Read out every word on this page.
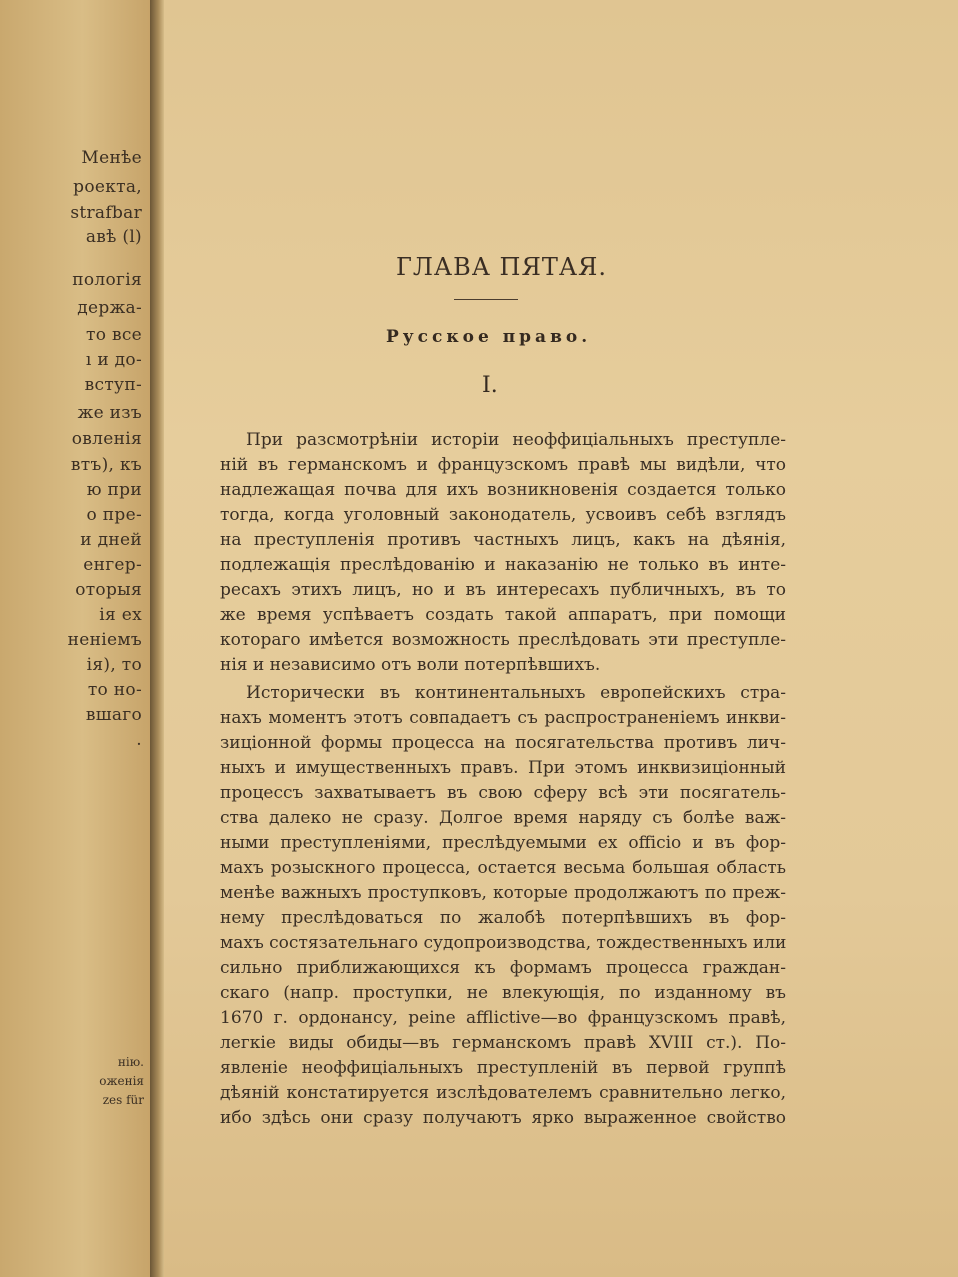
Менѣе
роекта,
strafbar
авѣ (l)
пологія
держа-
то все
ı и до-
вступ-
же изъ
овленія
втъ), къ
ю при
о пре-
и дней
енгер-
оторыя
ія ex
ненiемъ
ія), то
то но-
вшаго
.
нію.
оженія
zes für
ГЛАВА ПЯТАЯ.
Русское право.
I.
При разсмотрѣніи исторіи неоффиціальныхъ преступле-
ній въ германскомъ и французскомъ правѣ мы видѣли, что
надлежащая почва для ихъ возникновенія создается только
тогда, когда уголовный законодатель, усвоивъ себѣ взглядъ
на преступленія противъ частныхъ лицъ, какъ на дѣянія,
подлежащія преслѣдованію и наказанію не только въ инте-
ресахъ этихъ лицъ, но и въ интересахъ публичныхъ, въ то
же время успѣваетъ создать такой аппаратъ, при помощи
котораго имѣется возможность преслѣдовать эти преступле-
нія и независимо отъ воли потерпѣвшихъ.
Исторически въ континентальныхъ европейскихъ стра-
нахъ моментъ этотъ совпадаетъ съ распространеніемъ инкви-
зиціонной формы процесса на посягательства противъ лич-
ныхъ и имущественныхъ правъ. При этомъ инквизиціонный
процессъ захватываетъ въ свою сферу всѣ эти посягатель-
ства далеко не сразу. Долгое время наряду съ болѣе важ-
ными преступленіями, преслѣдуемыми ex officio и въ фор-
махъ розыскного процесса, остается весьма большая область
менѣе важныхъ проступковъ, которые продолжаютъ по преж-
нему преслѣдоваться по жалобѣ потерпѣвшихъ въ фор-
махъ состязательнаго судопроизводства, тождественныхъ или
сильно приближающихся къ формамъ процесса граждан-
скаго (напр. проступки, не влекующія, по изданному въ
1670 г. ордонансу, peine afflictive—во французскомъ правѣ,
легкіе виды обиды—въ германскомъ правѣ XVIII ст.). По-
явленіе неоффиціальныхъ преступленій въ первой группѣ
дѣяній констатируется изслѣдователемъ сравнительно легко,
ибо здѣсь они сразу получаютъ ярко выраженное свойство
